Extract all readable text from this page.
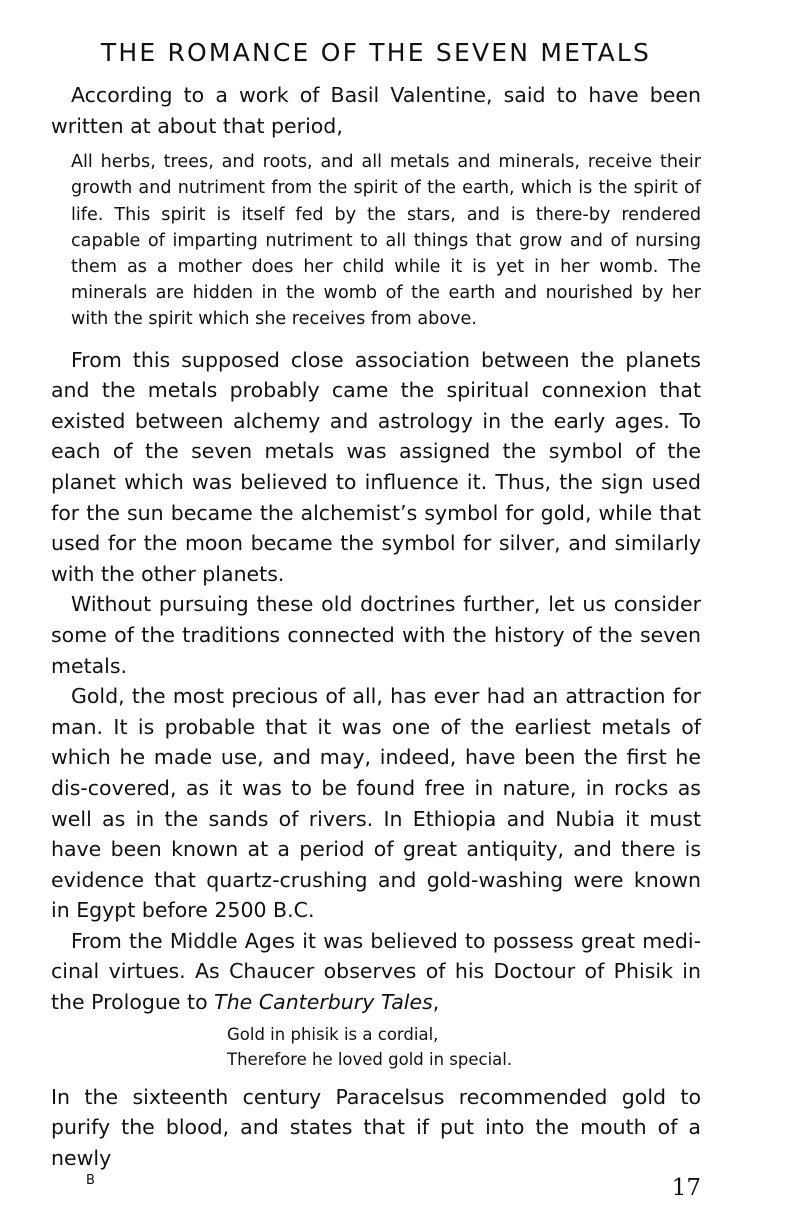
THE ROMANCE OF THE SEVEN METALS

According to a work of Basil Valentine, said to have been written at about that period,

All herbs, trees, and roots, and all metals and minerals, receive their growth and nutriment from the spirit of the earth, which is the spirit of life. This spirit is itself fed by the stars, and is there-by rendered capable of imparting nutriment to all things that grow and of nursing them as a mother does her child while it is yet in her womb. The minerals are hidden in the womb of the earth and nourished by her with the spirit which she receives from above.

From this supposed close association between the planets and the metals probably came the spiritual connexion that existed between alchemy and astrology in the early ages. To each of the seven metals was assigned the symbol of the planet which was believed to influence it. Thus, the sign used for the sun became the alchemist’s symbol for gold, while that used for the moon became the symbol for silver, and similarly with the other planets.

Without pursuing these old doctrines further, let us consider some of the traditions connected with the history of the seven metals.

Gold, the most precious of all, has ever had an attraction for man. It is probable that it was one of the earliest metals of which he made use, and may, indeed, have been the first he dis-covered, as it was to be found free in nature, in rocks as well as in the sands of rivers. In Ethiopia and Nubia it must have been known at a period of great antiquity, and there is evidence that quartz-crushing and gold-washing were known in Egypt before 2500 B.C.

From the Middle Ages it was believed to possess great medi-cinal virtues. As Chaucer observes of his Doctour of Phisik in the Prologue to The Canterbury Tales,

Gold in phisik is a cordial,
Therefore he loved gold in special.

In the sixteenth century Paracelsus recommended gold to purify the blood, and states that if put into the mouth of a newly

B	17
